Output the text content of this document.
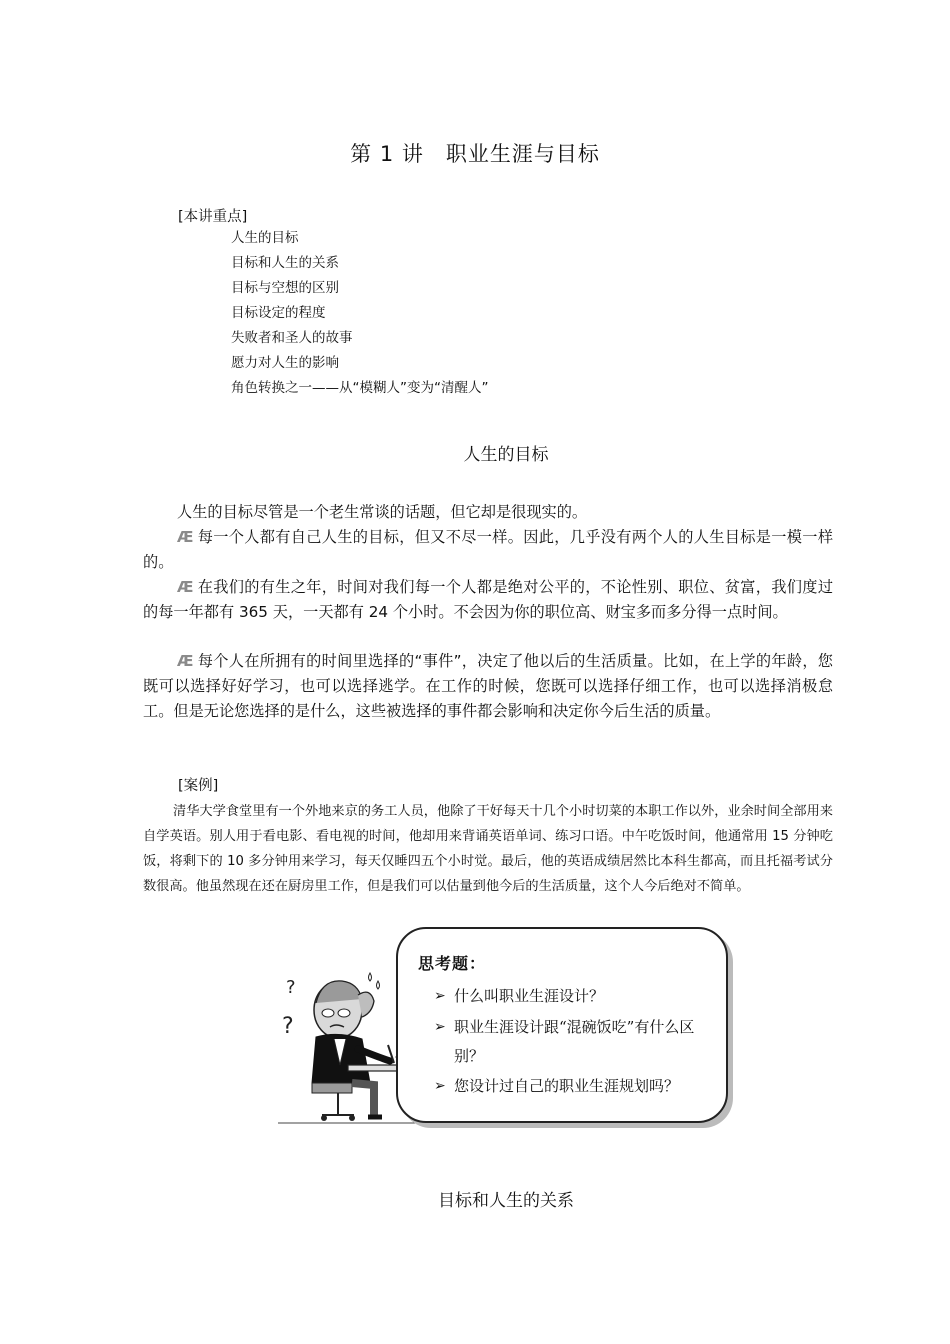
第 1 讲　职业生涯与目标
[本讲重点]
人生的目标
目标和人生的关系
目标与空想的区别
目标设定的程度
失败者和圣人的故事
愿力对人生的影响
角色转换之一——从“模糊人”变为“清醒人”
人生的目标
人生的目标尽管是一个老生常谈的话题，但它却是很现实的。
Æ 每一个人都有自己人生的目标，但又不尽一样。因此，几乎没有两个人的人生目标是一模一样的。
Æ 在我们的有生之年，时间对我们每一个人都是绝对公平的，不论性别、职位、贫富，我们度过的每一年都有 365 天，一天都有 24 个小时。不会因为你的职位高、财宝多而多分得一点时间。
Æ 每个人在所拥有的时间里选择的“事件”，决定了他以后的生活质量。比如，在上学的年龄，您既可以选择好好学习，也可以选择逃学。在工作的时候，您既可以选择仔细工作，也可以选择消极怠工。但是无论您选择的是什么，这些被选择的事件都会影响和决定你今后生活的质量。
[案例]
清华大学食堂里有一个外地来京的务工人员，他除了干好每天十几个小时切菜的本职工作以外，业余时间全部用来自学英语。别人用于看电影、看电视的时间，他却用来背诵英语单词、练习口语。中午吃饭时间，他通常用 15 分钟吃饭，将剩下的 10 多分钟用来学习，每天仅睡四五个小时觉。最后，他的英语成绩居然比本科生都高，而且托福考试分数很高。他虽然现在还在厨房里工作，但是我们可以估量到他今后的生活质量，这个人今后绝对不简单。
?
?
思考题：
➢ 什么叫职业生涯设计？
➢ 职业生涯设计跟“混碗饭吃”有什么区别？
➢ 您设计过自己的职业生涯规划吗？
目标和人生的关系
